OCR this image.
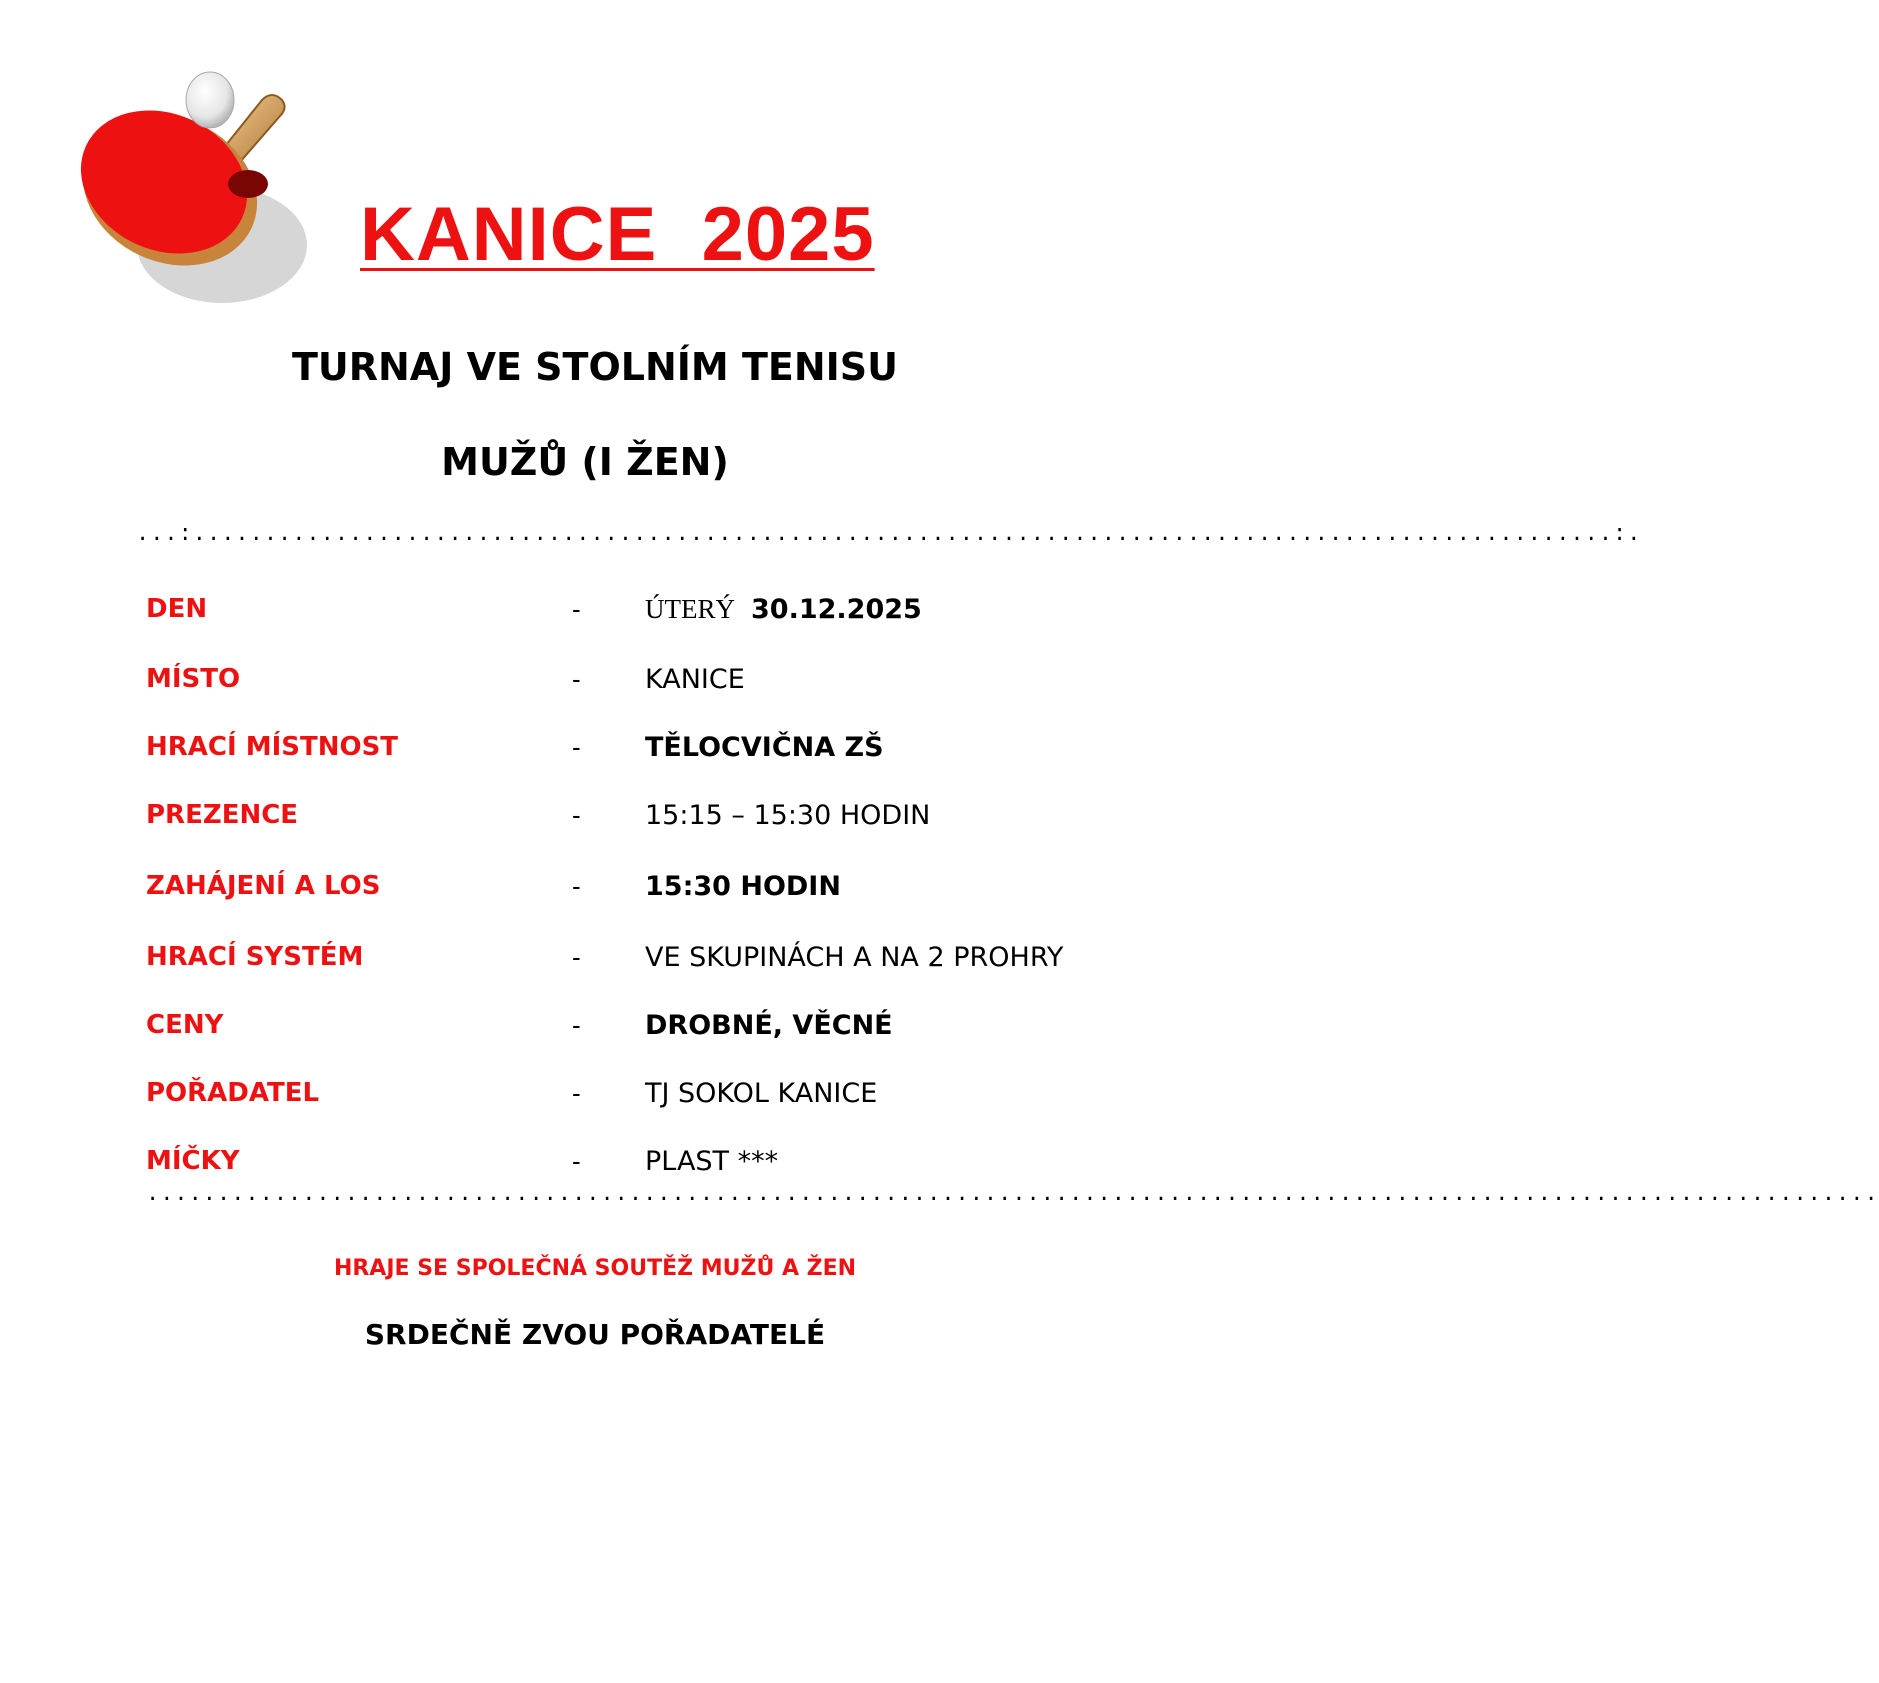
KANICE  2025
TURNAJ VE STOLNÍM TENISU
MUŽŮ (I ŽEN)
...:....................................................................................................:.
DEN	- ÚTERÝ 30.12.2025
MÍSTO	- KANICE
HRACÍ MÍSTNOST	- TĚLOCVIČNA ZŠ
PREZENCE	- 15:15 – 15:30 HODIN
ZAHÁJENÍ A LOS	- 15:30 HODIN
HRACÍ SYSTÉM	- VE SKUPINÁCH A NA 2 PROHRY
CENY	- DROBNÉ, VĚCNÉ
POŘADATEL	- TJ SOKOL KANICE
MÍČKY	- PLAST ***
..........................................................................................................................
HRAJE SE SPOLEČNÁ SOUTĚŽ MUŽŮ A ŽEN
SRDEČNĚ ZVOU POŘADATELÉ
